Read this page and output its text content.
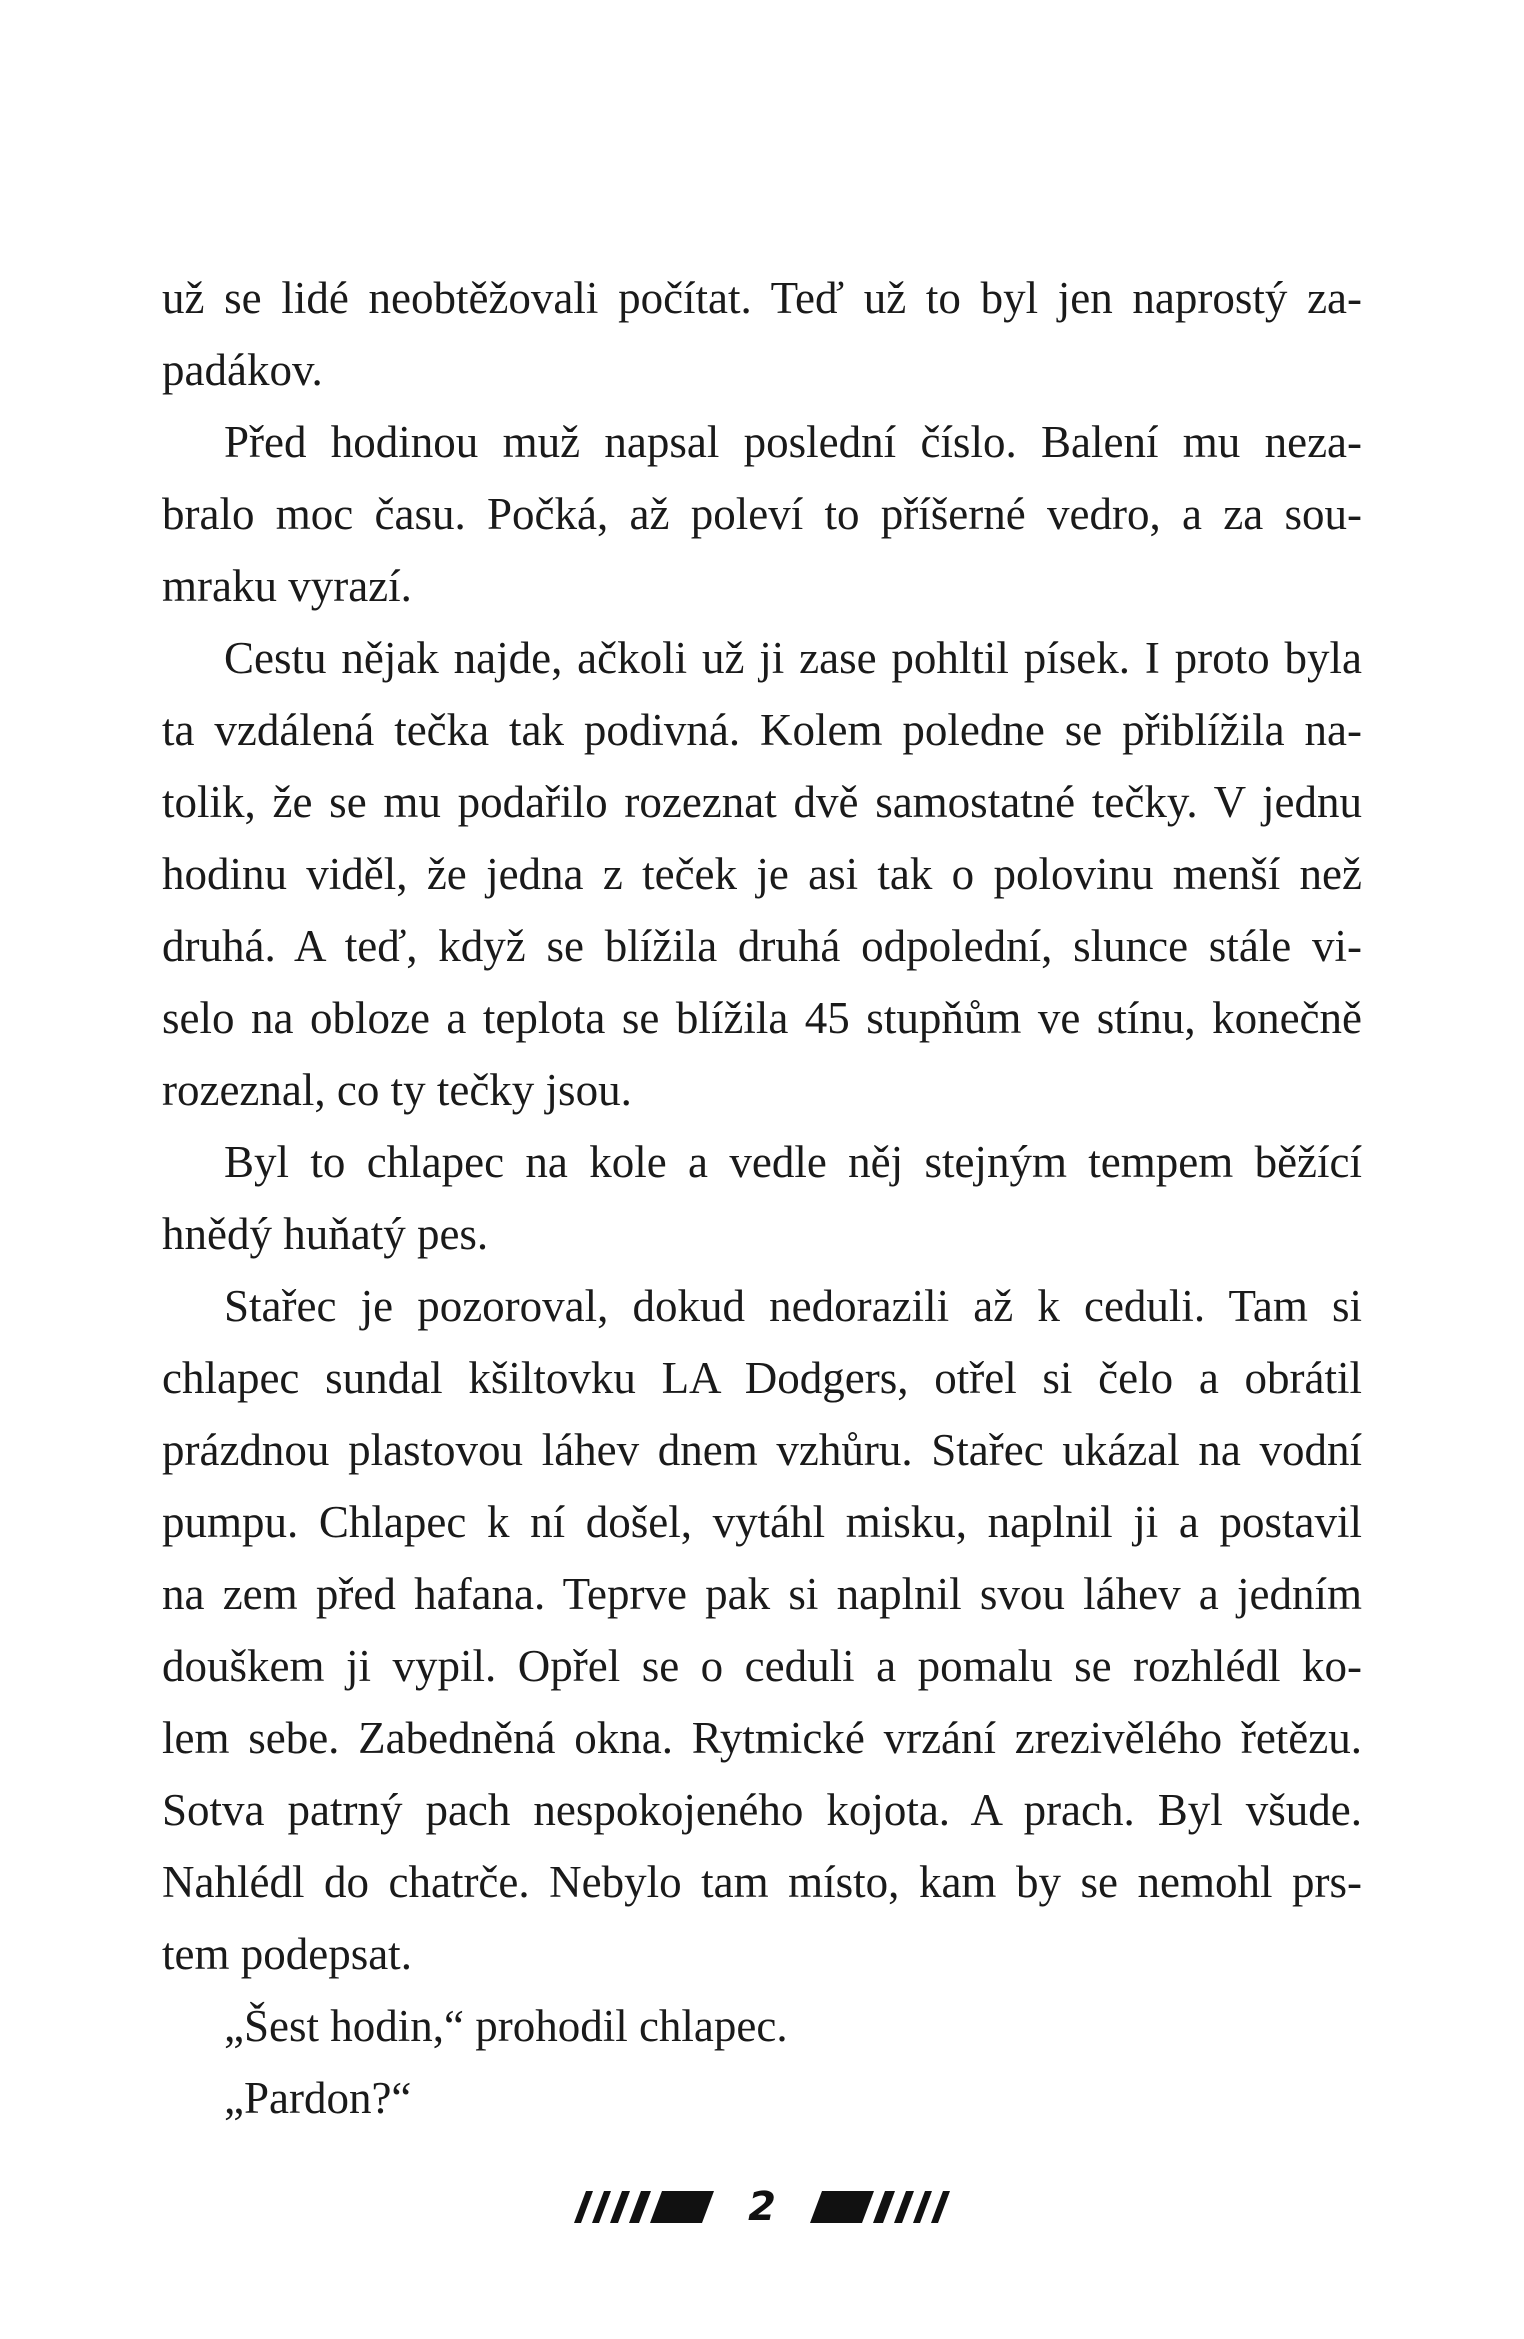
už se lidé neobtěžovali počítat. Teď už to byl jen naprostý za-
padákov.
Před hodinou muž napsal poslední číslo. Balení mu neza-
bralo moc času. Počká, až poleví to příšerné vedro, a za sou-
mraku vyrazí.
Cestu nějak najde, ačkoli už ji zase pohltil písek. I proto byla
ta vzdálená tečka tak podivná. Kolem poledne se přiblížila na-
tolik, že se mu podařilo rozeznat dvě samostatné tečky. V jednu
hodinu viděl, že jedna z teček je asi tak o polovinu menší než
druhá. A teď, když se blížila druhá odpolední, slunce stále vi-
selo na obloze a teplota se blížila 45 stupňům ve stínu, konečně
rozeznal, co ty tečky jsou.
Byl to chlapec na kole a vedle něj stejným tempem běžící
hnědý huňatý pes.
Stařec je pozoroval, dokud nedorazili až k ceduli. Tam si
chlapec sundal kšiltovku LA Dodgers, otřel si čelo a obrátil
prázdnou plastovou láhev dnem vzhůru. Stařec ukázal na vodní
pumpu. Chlapec k ní došel, vytáhl misku, naplnil ji a postavil
na zem před hafana. Teprve pak si naplnil svou láhev a jedním
douškem ji vypil. Opřel se o ceduli a pomalu se rozhlédl ko-
lem sebe. Zabedněná okna. Rytmické vrzání zrezivělého řetězu.
Sotva patrný pach nespokojeného kojota. A prach. Byl všude.
Nahlédl do chatrče. Nebylo tam místo, kam by se nemohl prs-
tem podepsat.
„Šest hodin,“ prohodil chlapec.
„Pardon?“
2
